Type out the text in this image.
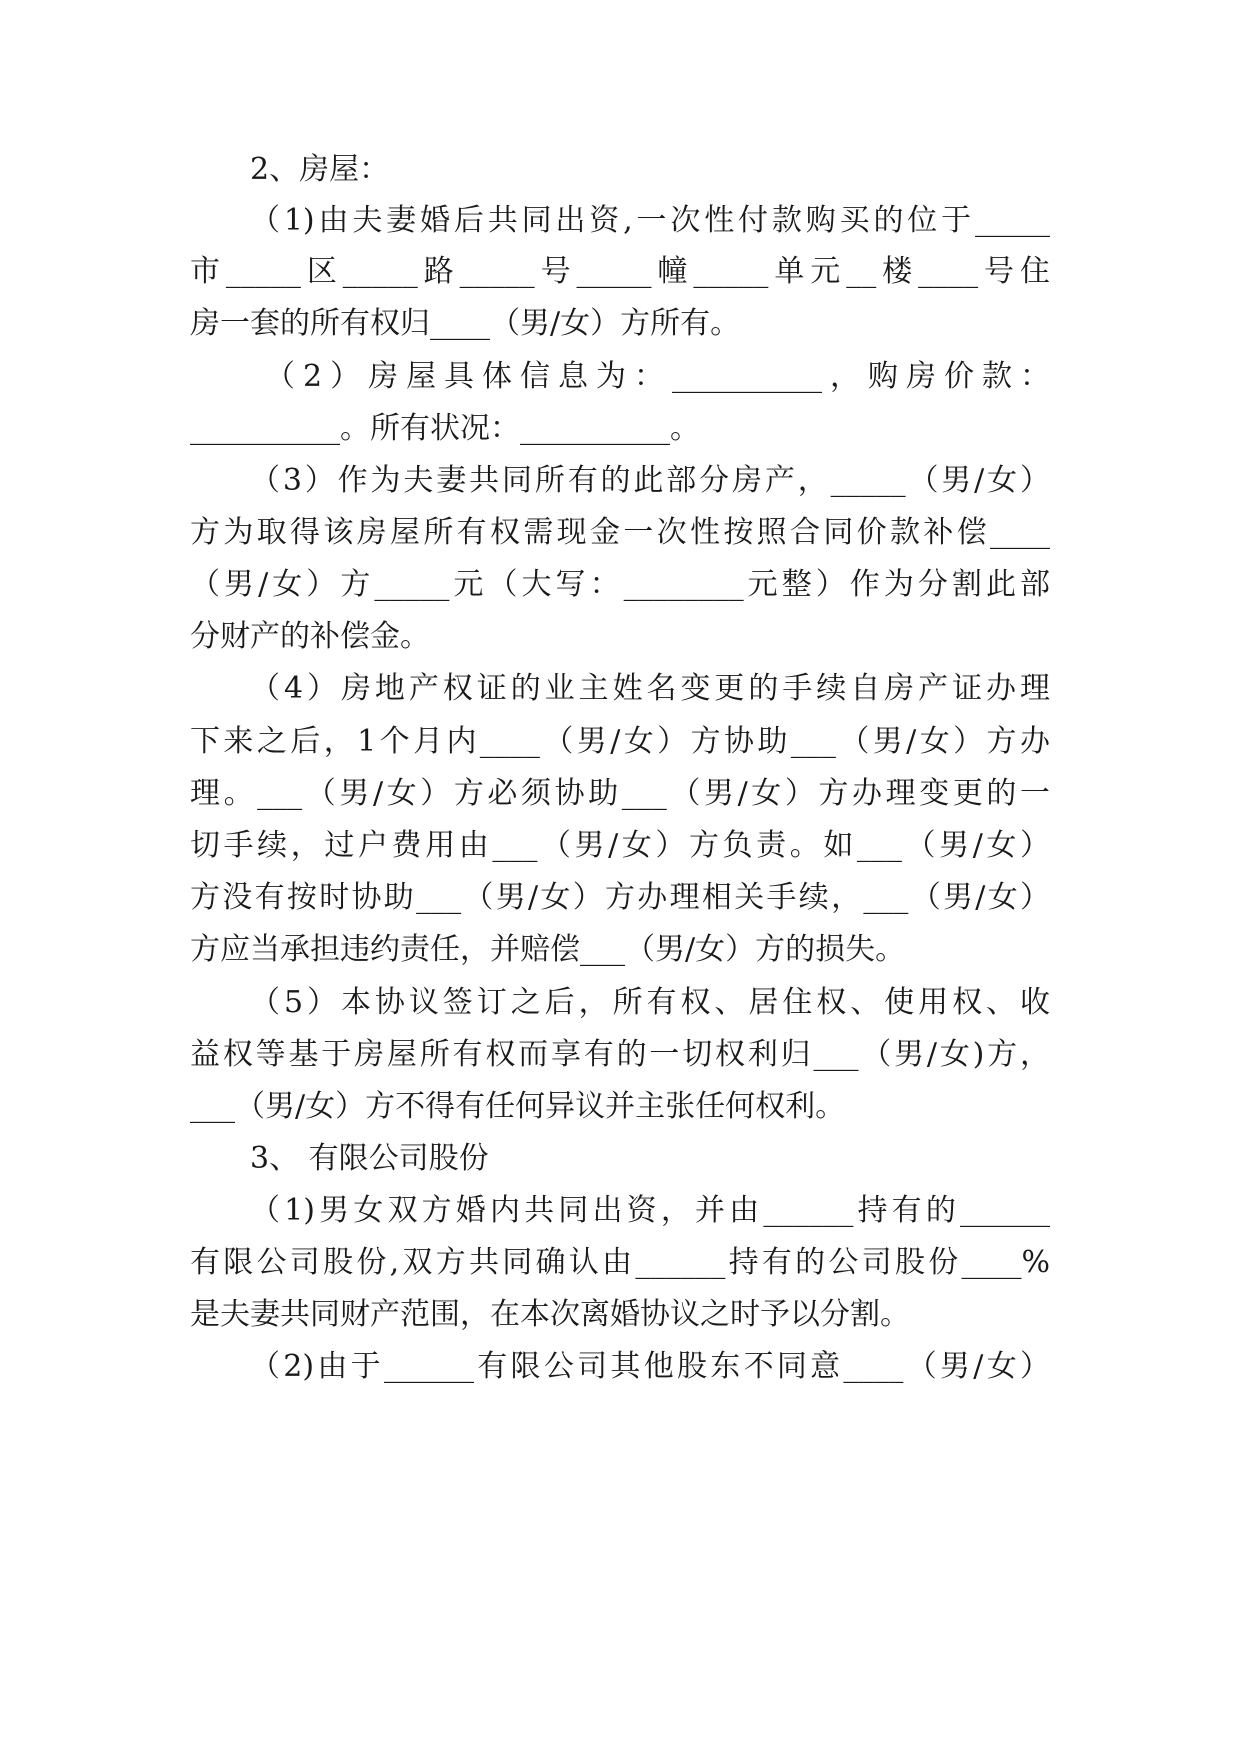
2、房屋：

（1)由夫妻婚后共同出资,一次性付款购买的位于_____

市_____区_____路_____号_____幢_____单元__楼____号住

房一套的所有权归____（男/女）方所有。

（2）房屋具体信息为：__________，购房价款：

__________。所有状况：__________。

（3）作为夫妻共同所有的此部分房产，_____（男/女）

方为取得该房屋所有权需现金一次性按照合同价款补偿____

（男/女）方_____元（大写：________元整）作为分割此部

分财产的补偿金。

（4）房地产权证的业主姓名变更的手续自房产证办理

下来之后，1个月内____（男/女）方协助___（男/女）方办

理。___（男/女）方必须协助___（男/女）方办理变更的一

切手续，过户费用由___（男/女）方负责。如___（男/女）

方没有按时协助___（男/女）方办理相关手续，___（男/女）

方应当承担违约责任，并赔偿___（男/女）方的损失。

（5）本协议签订之后，所有权、居住权、使用权、收

益权等基于房屋所有权而享有的一切权利归___（男/女)方，

___（男/女）方不得有任何异议并主张任何权利。

3、 有限公司股份

（1)男女双方婚内共同出资，并由______持有的______

有限公司股份,双方共同确认由______持有的公司股份____%

是夫妻共同财产范围，在本次离婚协议之时予以分割。

（2)由于______有限公司其他股东不同意____（男/女）
